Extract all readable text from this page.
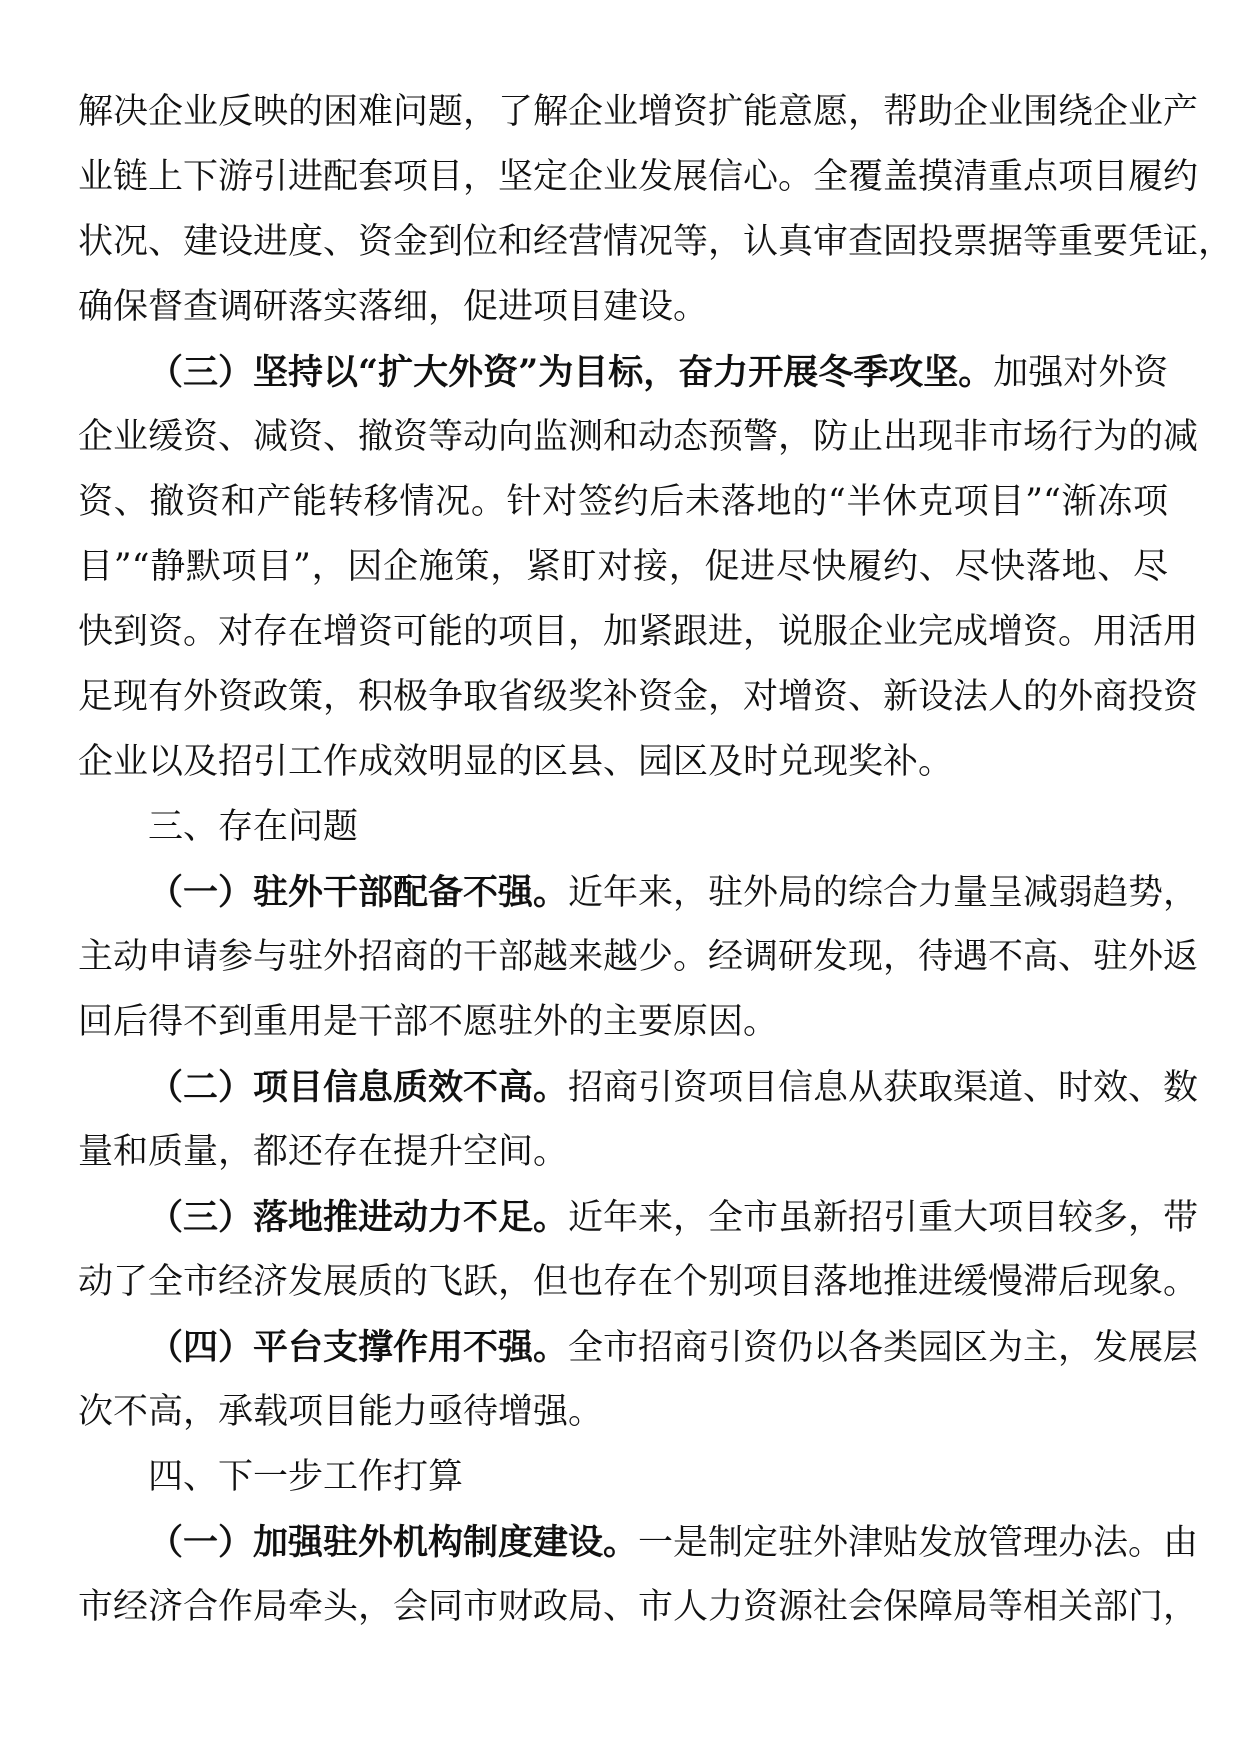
解决企业反映的困难问题，了解企业增资扩能意愿，帮助企业围绕企业产
业链上下游引进配套项目，坚定企业发展信心。全覆盖摸清重点项目履约
状况、建设进度、资金到位和经营情况等，认真审查固投票据等重要凭证，
确保督查调研落实落细，促进项目建设。
（三）坚持以“扩大外资”为目标，奋力开展冬季攻坚。加强对外资
企业缓资、减资、撤资等动向监测和动态预警，防止出现非市场行为的减
资、撤资和产能转移情况。针对签约后未落地的“半休克项目”“渐冻项
目”“静默项目”，因企施策，紧盯对接，促进尽快履约、尽快落地、尽
快到资。对存在增资可能的项目，加紧跟进，说服企业完成增资。用活用
足现有外资政策，积极争取省级奖补资金，对增资、新设法人的外商投资
企业以及招引工作成效明显的区县、园区及时兑现奖补。
三、存在问题
（一）驻外干部配备不强。近年来，驻外局的综合力量呈减弱趋势，
主动申请参与驻外招商的干部越来越少。经调研发现，待遇不高、驻外返
回后得不到重用是干部不愿驻外的主要原因。
（二）项目信息质效不高。招商引资项目信息从获取渠道、时效、数
量和质量，都还存在提升空间。
（三）落地推进动力不足。近年来，全市虽新招引重大项目较多，带
动了全市经济发展质的飞跃，但也存在个别项目落地推进缓慢滞后现象。
（四）平台支撑作用不强。全市招商引资仍以各类园区为主，发展层
次不高，承载项目能力亟待增强。
四、下一步工作打算
（一）加强驻外机构制度建设。一是制定驻外津贴发放管理办法。由
市经济合作局牵头，会同市财政局、市人力资源社会保障局等相关部门，
